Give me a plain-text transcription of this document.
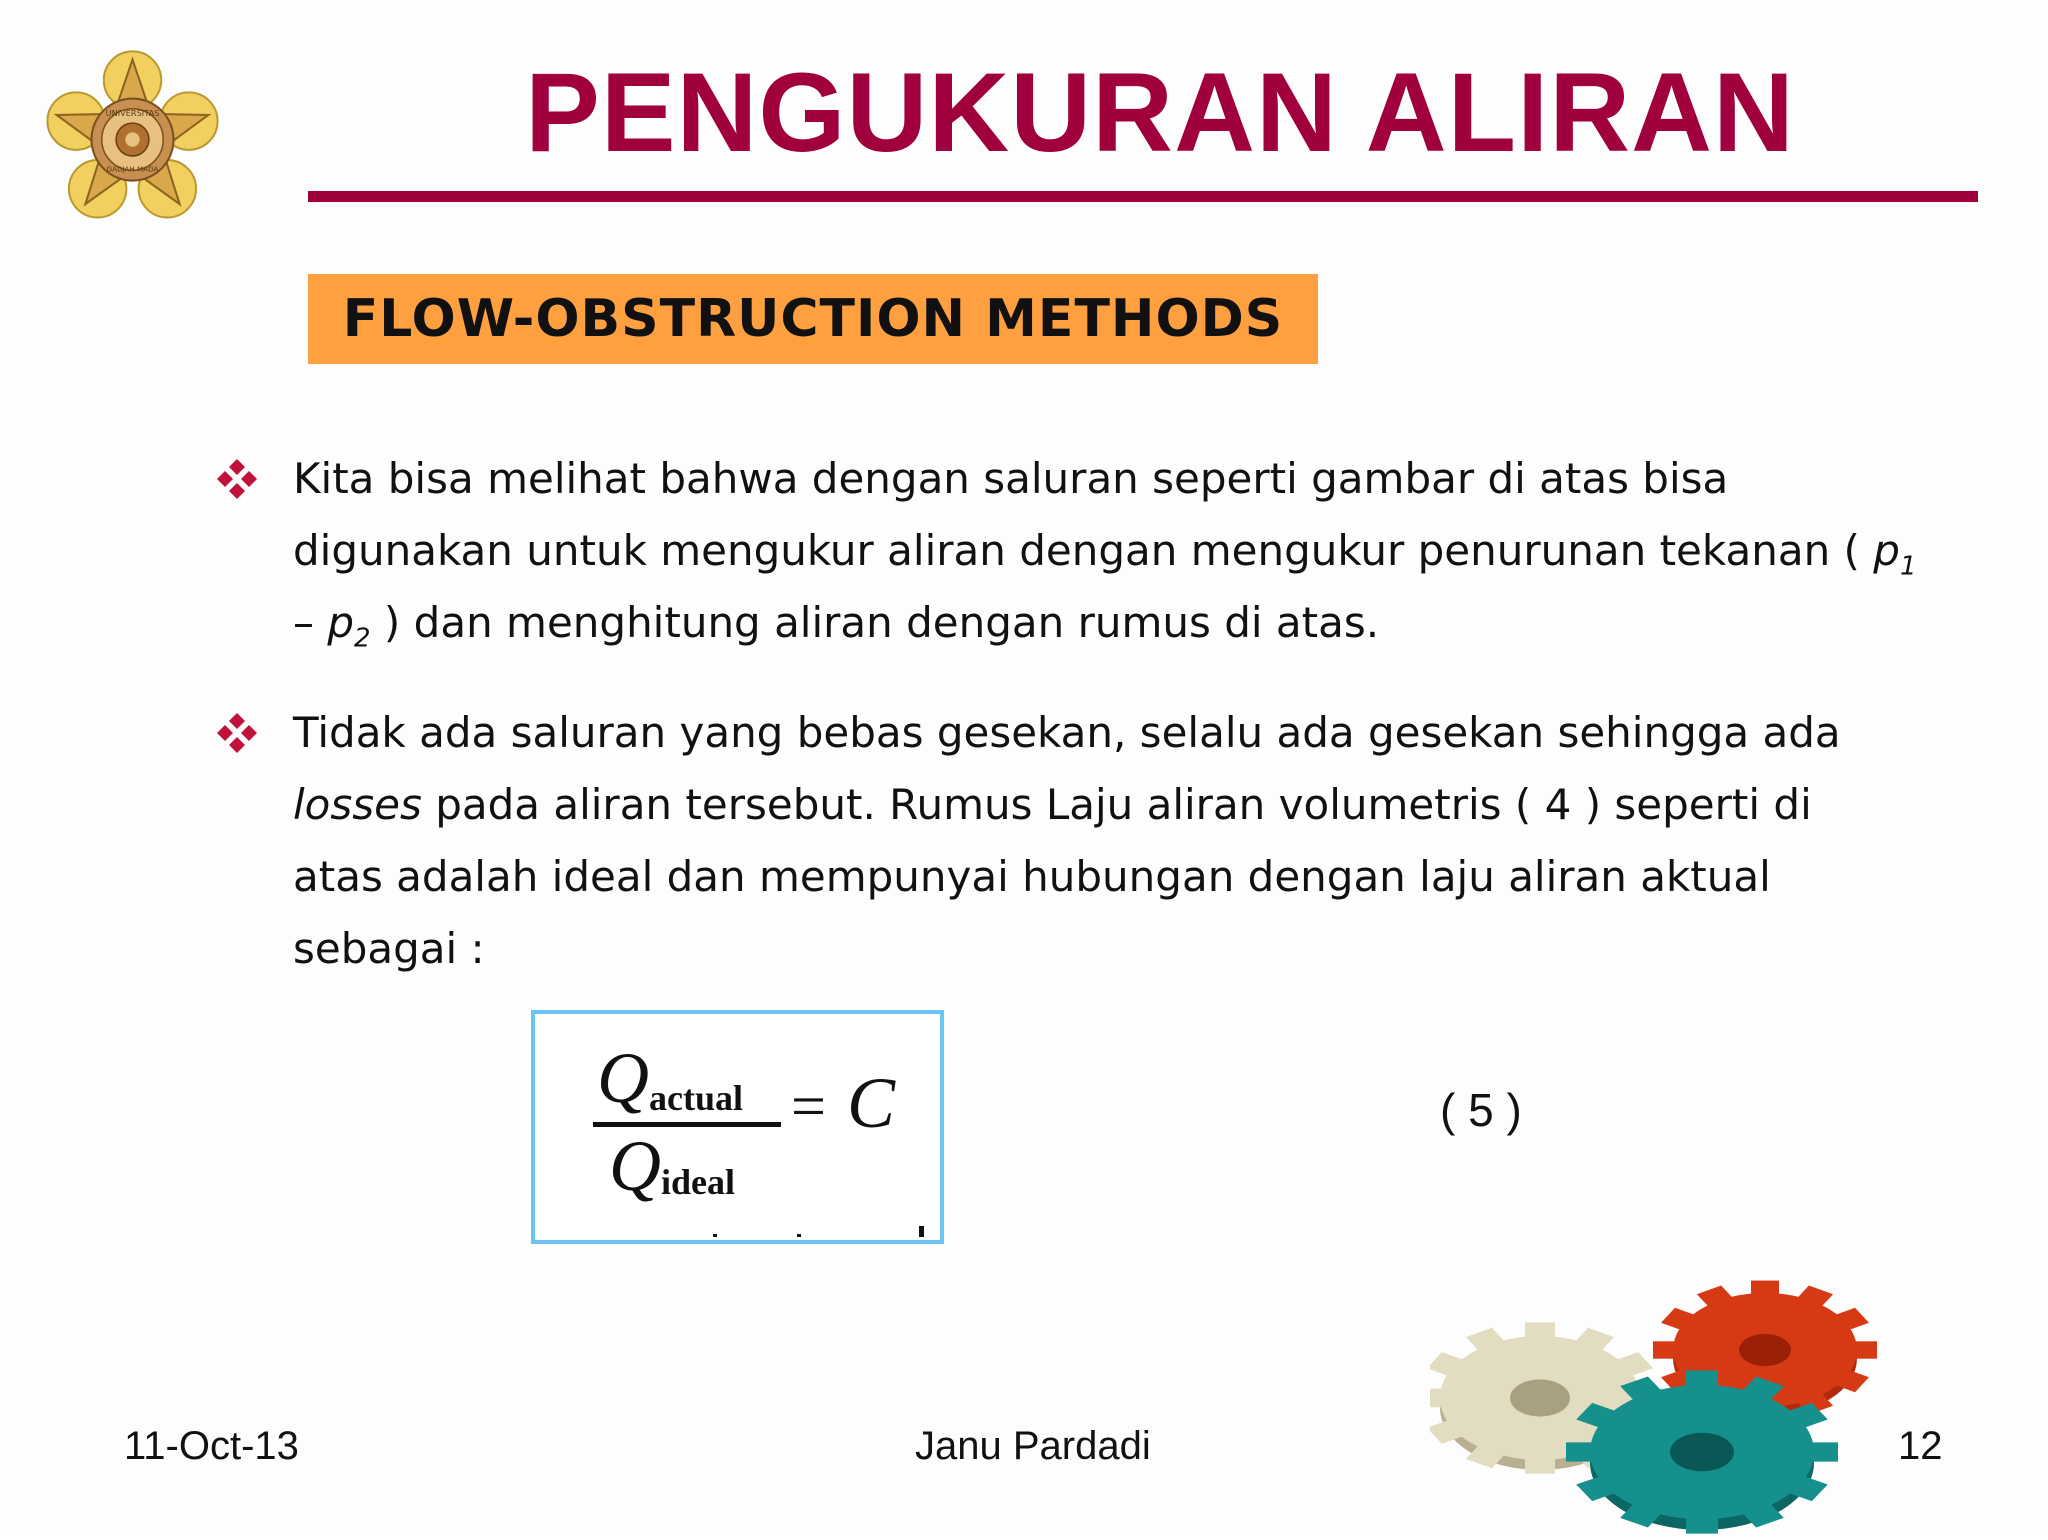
UNIVERSITAS
GADJAH MADA	PENGUKURAN ALIRAN
FLOW-OBSTRUCTION METHODS
Kita bisa melihat bahwa dengan saluran seperti gambar di atas bisa
digunakan untuk mengukur aliran dengan mengukur penurunan tekanan ( $p_1$
– $p_2$ ) dan menghitung aliran dengan rumus di atas.
Tidak ada saluran yang bebas gesekan, selalu ada gesekan sehingga ada
losses pada aliran tersebut. Rumus Laju aliran volumetris ( 4 ) seperti di
atas adalah ideal dan mempunyai hubungan dengan laju aliran aktual
sebagai :
Q actual
Q ideal
= C	( 5 )
11-Oct-13	Janu Pardadi	12
